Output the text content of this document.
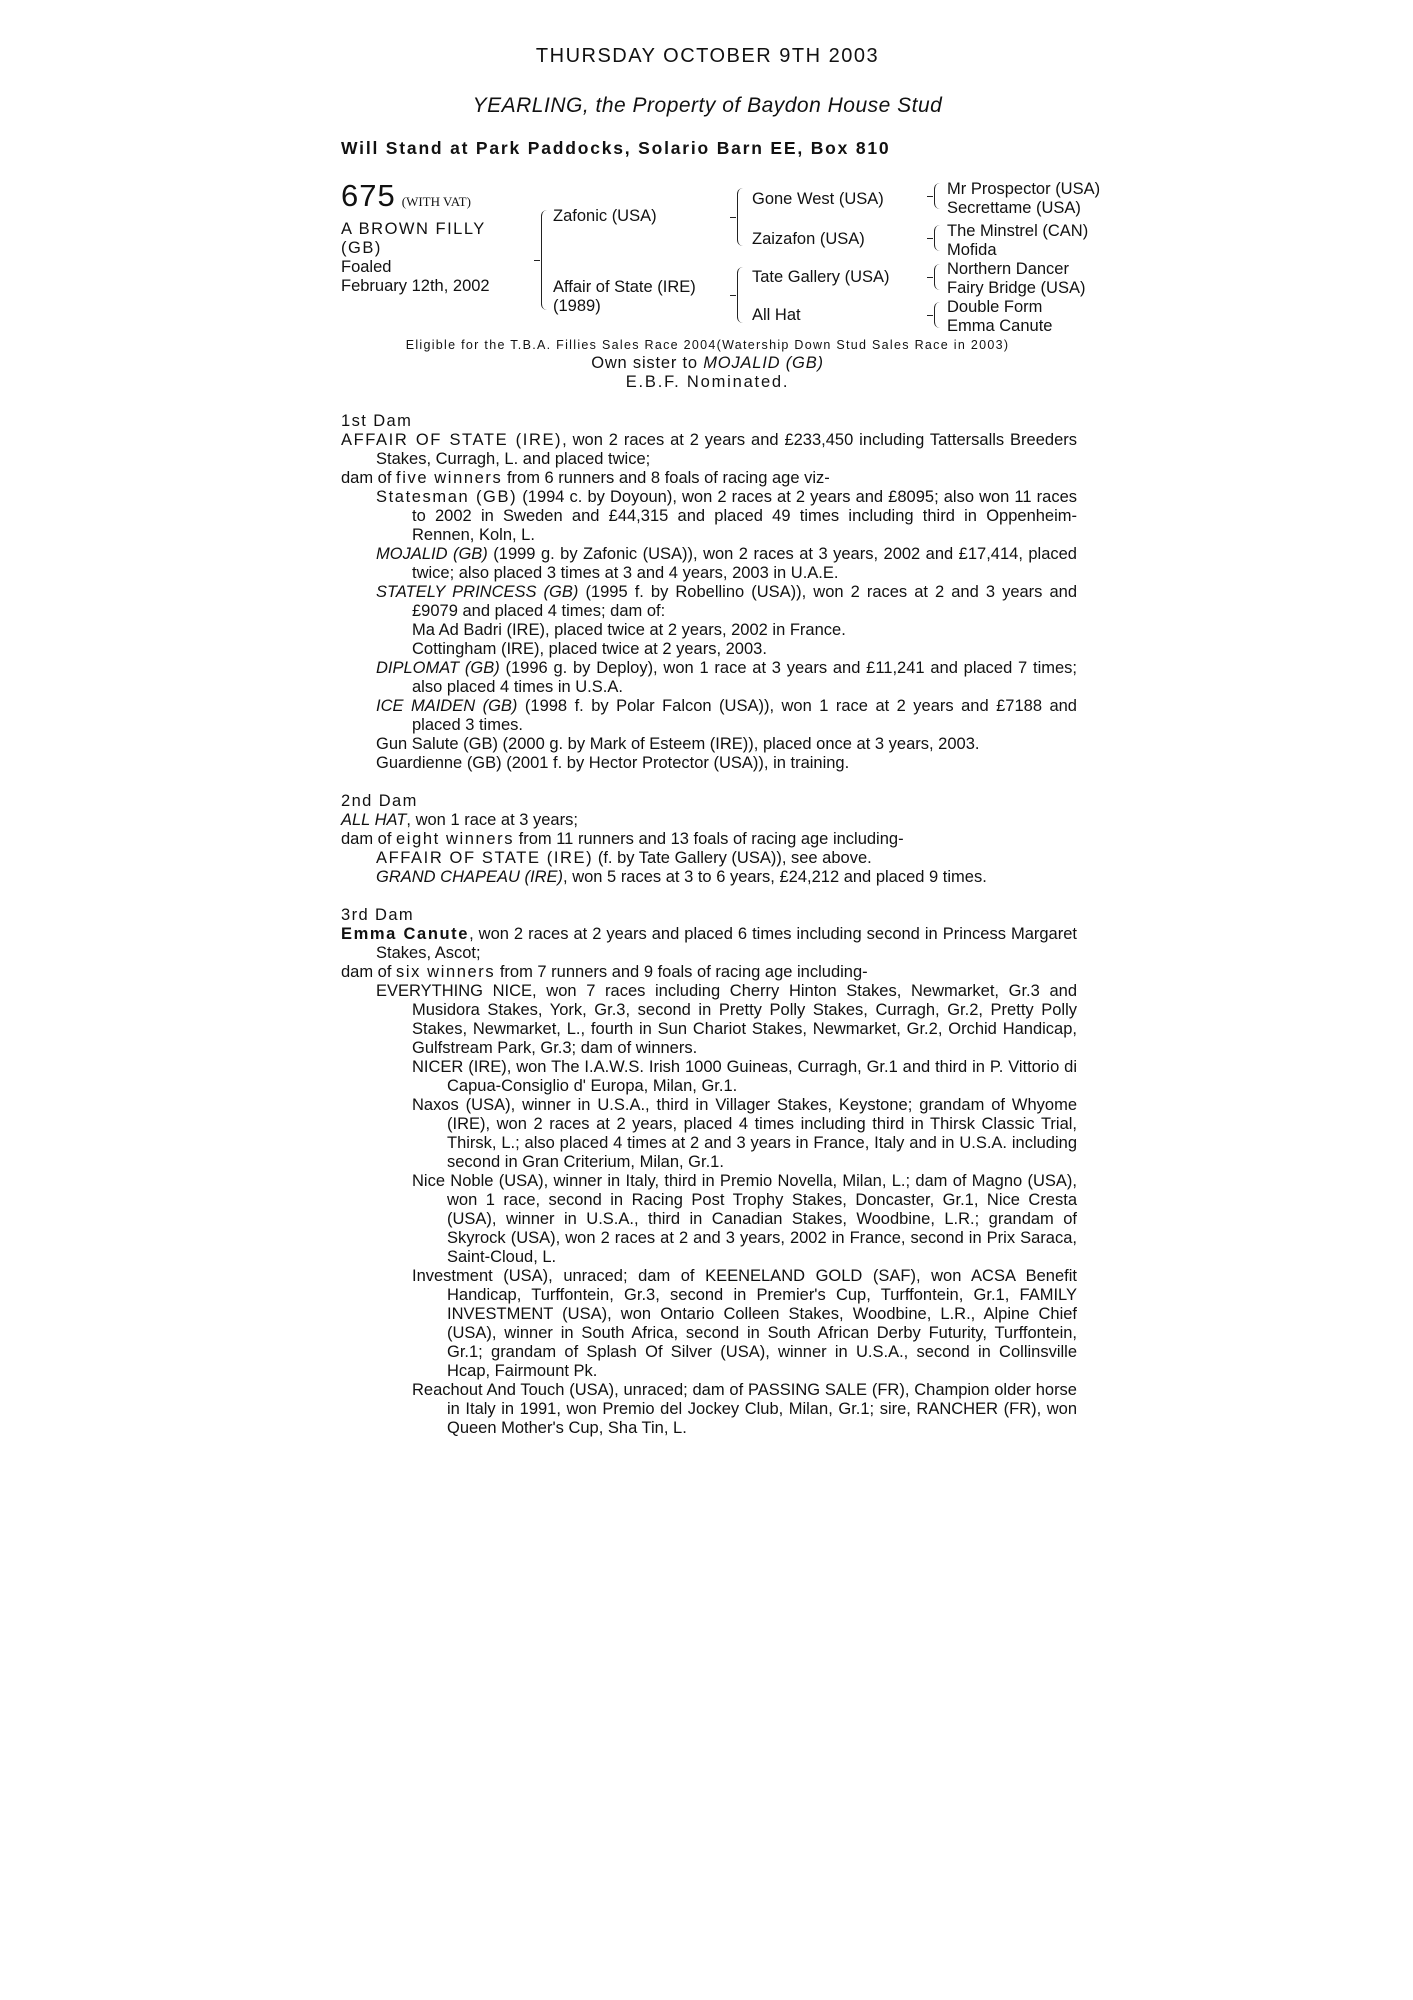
THURSDAY OCTOBER 9TH 2003
YEARLING, the Property of Baydon House Stud
Will Stand at Park Paddocks, Solario Barn EE, Box 810
675 (WITH VAT)
A BROWN FILLY
(GB)
Foaled
February 12th, 2002
Zafonic (USA)
Affair of State (IRE)
(1989)
Gone West (USA)
Zaizafon (USA)
Tate Gallery (USA)
All Hat
Mr Prospector (USA)
Secrettame (USA)
The Minstrel (CAN)
Mofida
Northern Dancer
Fairy Bridge (USA)
Double Form
Emma Canute
Eligible for the T.B.A. Fillies Sales Race 2004(Watership Down Stud Sales Race in 2003)
Own sister to MOJALID (GB)
E.B.F. Nominated.
1st Dam
AFFAIR OF STATE (IRE), won 2 races at 2 years and £233,450 including Tattersalls Breeders Stakes, Curragh, L. and placed twice;
dam of five winners from 6 runners and 8 foals of racing age viz-
Statesman (GB) (1994 c. by Doyoun), won 2 races at 2 years and £8095; also won 11 races to 2002 in Sweden and £44,315 and placed 49 times including third in Oppenheim-Rennen, Koln, L.
MOJALID (GB) (1999 g. by Zafonic (USA)), won 2 races at 3 years, 2002 and £17,414, placed twice; also placed 3 times at 3 and 4 years, 2003 in U.A.E.
STATELY PRINCESS (GB) (1995 f. by Robellino (USA)), won 2 races at 2 and 3 years and £9079 and placed 4 times; dam of:
Ma Ad Badri (IRE), placed twice at 2 years, 2002 in France.
Cottingham (IRE), placed twice at 2 years, 2003.
DIPLOMAT (GB) (1996 g. by Deploy), won 1 race at 3 years and £11,241 and placed 7 times; also placed 4 times in U.S.A.
ICE MAIDEN (GB) (1998 f. by Polar Falcon (USA)), won 1 race at 2 years and £7188 and placed 3 times.
Gun Salute (GB) (2000 g. by Mark of Esteem (IRE)), placed once at 3 years, 2003.
Guardienne (GB) (2001 f. by Hector Protector (USA)), in training.
2nd Dam
ALL HAT, won 1 race at 3 years;
dam of eight winners from 11 runners and 13 foals of racing age including-
AFFAIR OF STATE (IRE) (f. by Tate Gallery (USA)), see above.
GRAND CHAPEAU (IRE), won 5 races at 3 to 6 years, £24,212 and placed 9 times.
3rd Dam
Emma Canute, won 2 races at 2 years and placed 6 times including second in Princess Margaret Stakes, Ascot;
dam of six winners from 7 runners and 9 foals of racing age including-
EVERYTHING NICE, won 7 races including Cherry Hinton Stakes, Newmarket, Gr.3 and Musidora Stakes, York, Gr.3, second in Pretty Polly Stakes, Curragh, Gr.2, Pretty Polly Stakes, Newmarket, L., fourth in Sun Chariot Stakes, Newmarket, Gr.2, Orchid Handicap, Gulfstream Park, Gr.3; dam of winners.
NICER (IRE), won The I.A.W.S. Irish 1000 Guineas, Curragh, Gr.1 and third in P. Vittorio di Capua-Consiglio d' Europa, Milan, Gr.1.
Naxos (USA), winner in U.S.A., third in Villager Stakes, Keystone; grandam of Whyome (IRE), won 2 races at 2 years, placed 4 times including third in Thirsk Classic Trial, Thirsk, L.; also placed 4 times at 2 and 3 years in France, Italy and in U.S.A. including second in Gran Criterium, Milan, Gr.1.
Nice Noble (USA), winner in Italy, third in Premio Novella, Milan, L.; dam of Magno (USA), won 1 race, second in Racing Post Trophy Stakes, Doncaster, Gr.1, Nice Cresta (USA), winner in U.S.A., third in Canadian Stakes, Woodbine, L.R.; grandam of Skyrock (USA), won 2 races at 2 and 3 years, 2002 in France, second in Prix Saraca, Saint-Cloud, L.
Investment (USA), unraced; dam of KEENELAND GOLD (SAF), won ACSA Benefit Handicap, Turffontein, Gr.3, second in Premier's Cup, Turffontein, Gr.1, FAMILY INVESTMENT (USA), won Ontario Colleen Stakes, Woodbine, L.R., Alpine Chief (USA), winner in South Africa, second in South African Derby Futurity, Turffontein, Gr.1; grandam of Splash Of Silver (USA), winner in U.S.A., second in Collinsville Hcap, Fairmount Pk.
Reachout And Touch (USA), unraced; dam of PASSING SALE (FR), Champion older horse in Italy in 1991, won Premio del Jockey Club, Milan, Gr.1; sire, RANCHER (FR), won Queen Mother's Cup, Sha Tin, L.
